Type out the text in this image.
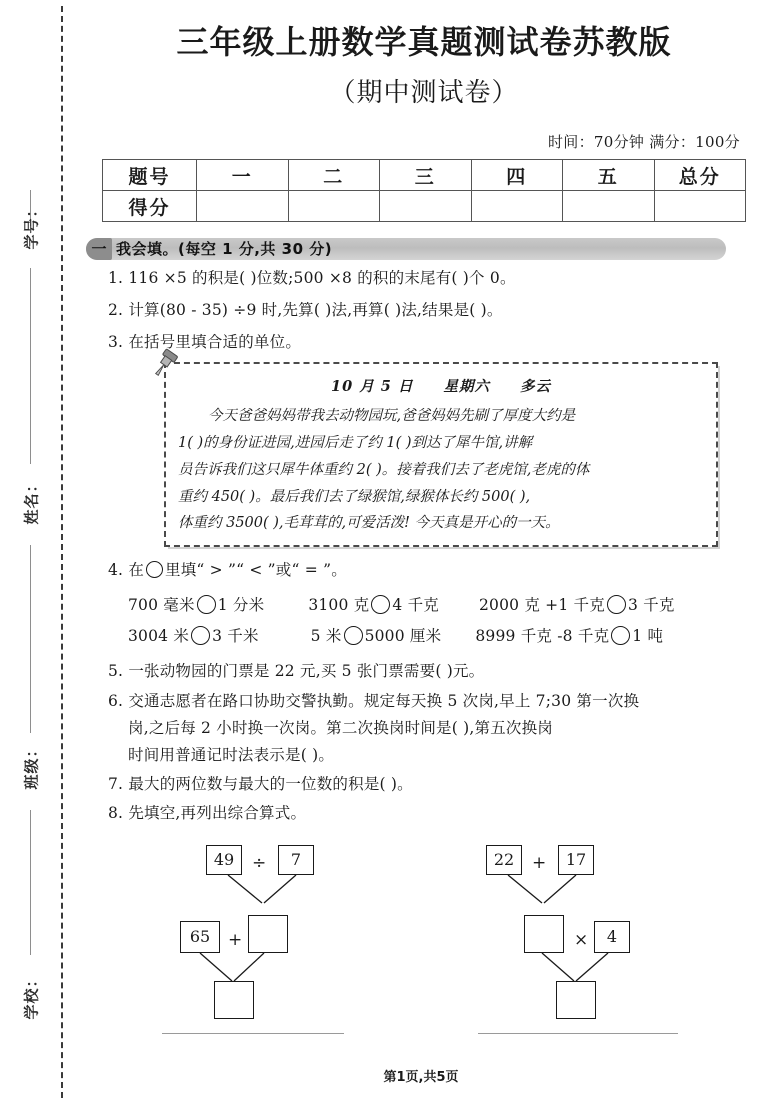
学号：
姓名：
班级：
学校：
三年级上册数学真题测试卷苏教版
（期中测试卷）
时间：70分钟 满分：100分
题号	一	二	三	四	五	总分
得分						
一 我会填。(每空 1 分,共 30 分)
1. 116 ×5 的积是( )位数;500 ×8 的积的末尾有( )个 0。
2. 计算(80 - 35) ÷9 时,先算( )法,再算( )法,结果是( )。
3. 在括号里填合适的单位。
10 月 5 日 星期六 多云
今天爸爸妈妈带我去动物园玩,爸爸妈妈先刷了厚度大约是
1( )的身份证进园,进园后走了约 1( )到达了犀牛馆,讲解
员告诉我们这只犀牛体重约 2( )。接着我们去了老虎馆,老虎的体
重约 450( )。最后我们去了绿猴馆,绿猴体长约 500( ),
体重约 3500( ),毛茸茸的,可爱活泼! 今天真是开心的一天。
4. 在 里填“ > ”“ < ”或“ = ”。
700 毫米 1 分米	3100 克 4 千克	2000 克 +1 千克 3 千克
3004 米 3 千米	5 米 5000 厘米 8999 千克 -8 千克 1 吨
5. 一张动物园的门票是 22 元,买 5 张门票需要( )元。
6. 交通志愿者在路口协助交警执勤。规定每天换 5 次岗,早上 7;30 第一次换
岗,之后每 2 小时换一次岗。第二次换岗时间是( ),第五次换岗
时间用普通记时法表示是( )。
7. 最大的两位数与最大的一位数的积是( )。
8. 先填空,再列出综合算式。
49	÷	7
65	+
22	+	17
×	4
第1页,共5页
